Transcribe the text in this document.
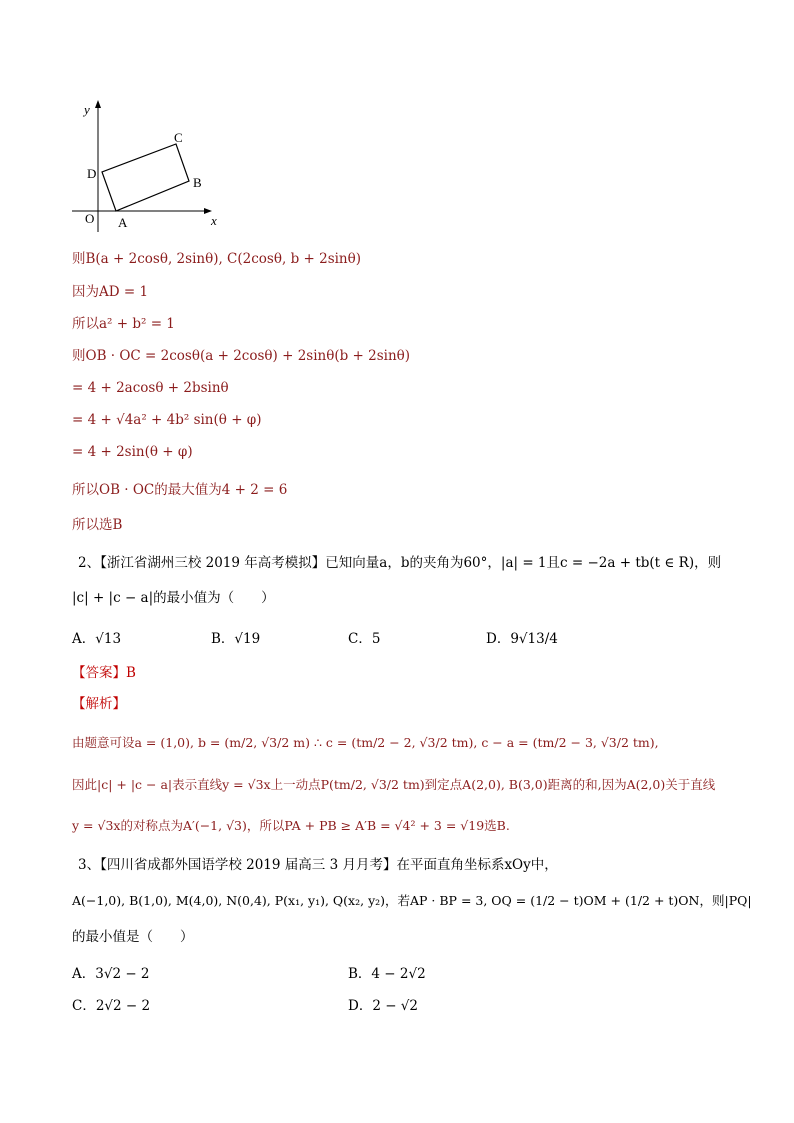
y
x
O A
B
C
D
则B(a + 2cosθ, 2sinθ), C(2cosθ, b + 2sinθ)
因为AD = 1
所以a² + b² = 1
则OB · OC = 2cosθ(a + 2cosθ) + 2sinθ(b + 2sinθ)
= 4 + 2acosθ + 2bsinθ
= 4 + √4a² + 4b² sin(θ + φ)
= 4 + 2sin(θ + φ)
所以OB · OC的最大值为4 + 2 = 6
所以选B
2、【浙江省湖州三校 2019 年高考模拟】已知向量a，b的夹角为60°，|a| = 1且c = −2a + tb(t ∈ R)，则
|c| + |c − a|的最小值为（　　）
A．√13	B．√19	C．5	D．9√13/4
【答案】B
【解析】
由题意可设a = (1,0), b = (m/2, √3/2 m) ∴ c = (tm/2 − 2, √3/2 tm), c − a = (tm/2 − 3, √3/2 tm),
因此|c| + |c − a|表示直线y = √3x上一动点P(tm/2, √3/2 tm)到定点A(2,0), B(3,0)距离的和,因为A(2,0)关于直线
y = √3x的对称点为A′(−1, √3)，所以PA + PB ≥ A′B = √4² + 3 = √19选B.
3、【四川省成都外国语学校 2019 届高三 3 月月考】在平面直角坐标系xOy中，
A(−1,0), B(1,0), M(4,0), N(0,4), P(x₁, y₁), Q(x₂, y₂)，若AP · BP = 3, OQ = (1/2 − t)OM + (1/2 + t)ON，则|PQ|
的最小值是（　　）
A．3√2 − 2	B．4 − 2√2
C．2√2 − 2	D．2 − √2
